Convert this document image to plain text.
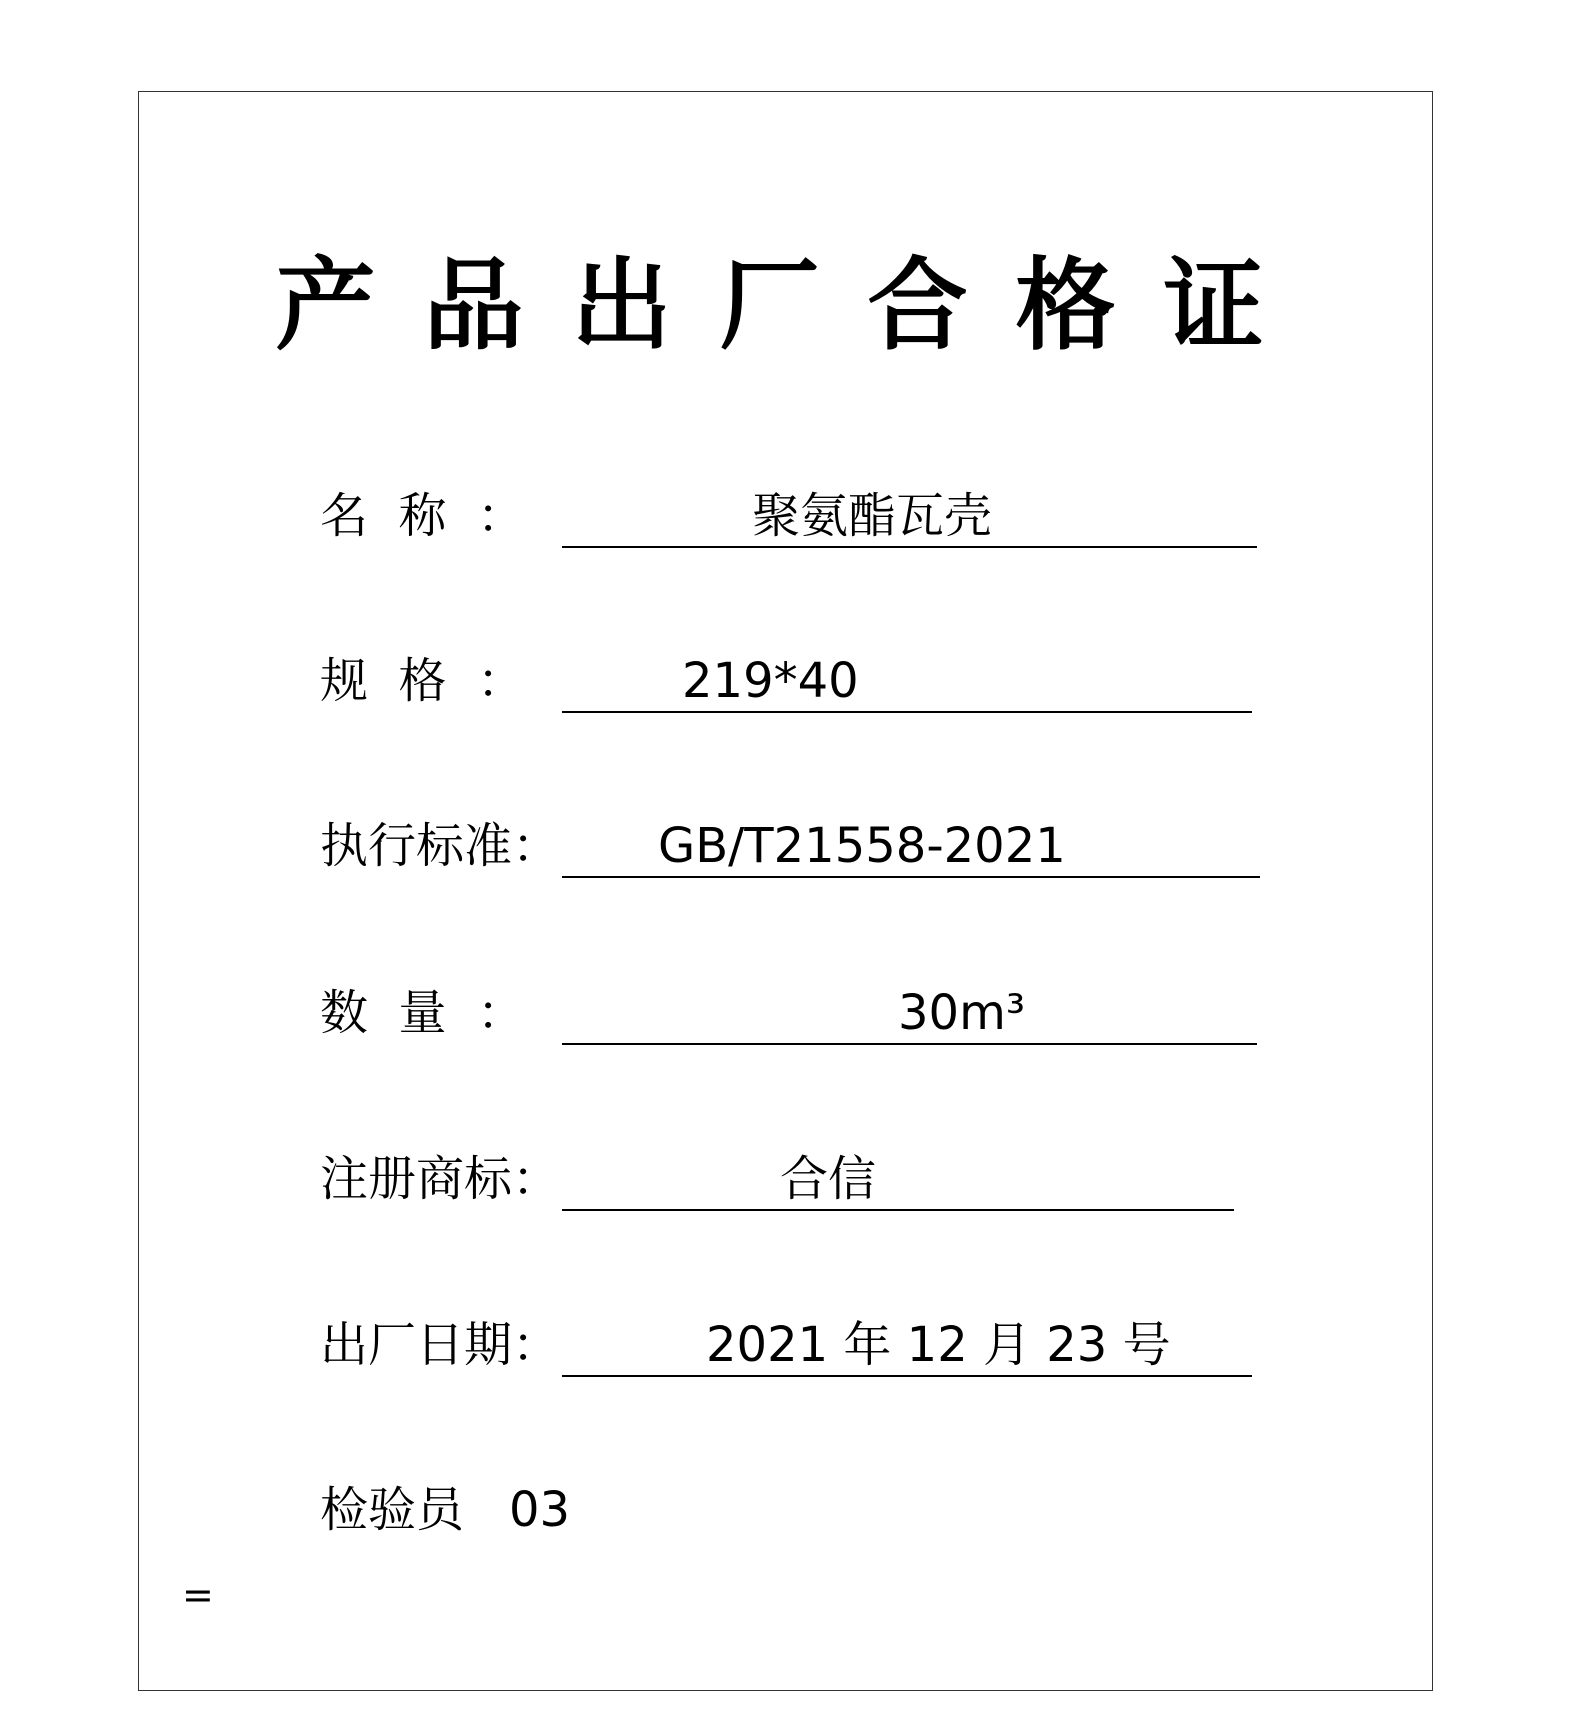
产品出厂合格证
名 称 ：	聚氨酯瓦壳
规 格 ：	219*40
执行标准： GB/T21558-2021
数 量 ：	30m³
注册商标：	合信
出厂日期：	2021 年 12 月 23 号
检验员 03
=
